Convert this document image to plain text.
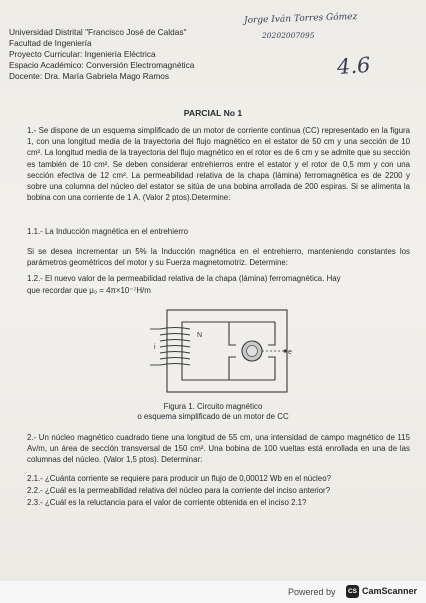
Universidad Distrital "Francisco José de Caldas"
Facultad de Ingeniería
Proyecto Curricular: Ingeniería Eléctrica
Espacio Académico: Conversión Electromagnética
Docente: Dra. María Gabriela Mago Ramos
Jorge Iván Torres Gómez
20202007095
4.6
PARCIAL No 1

1.- Se dispone de un esquema simplificado de un motor de corriente continua (CC) representado en la figura 1, con una longitud media de la trayectoria del flujo magnético en el estator de 50 cm y una sección de 10 cm². La longitud media de la trayectoria del flujo magnético en el rotor es de 6 cm y se admite que su sección es también de 10 cm². Se deben considerar entrehierros entre el estator y el rotor de 0,5 mm y con una sección efectiva de 12 cm². La permeabilidad relativa de la chapa (lámina) ferromagnética es de 2200 y sobre una columna del núcleo del estator se sitúa de una bobina arrollada de 200 espiras. Si se alimenta la bobina con una corriente de 1 A. (Valor 2 ptos).Determine:

1.1.- La Inducción magnética en el entrehierro

Si se desea incrementar un 5% la Inducción magnética en el entrehierro, manteniendo constantes los parámetros geométricos del motor y su Fuerza magnetomotriz. Determine:

1.2.- El nuevo valor de la permeabilidad relativa de la chapa (lámina) ferromagnética. Hay
que recordar que μ₀ = 4π×10⁻⁷H/m
i
N
e
Figura 1. Circuito magnético
o esquema simplificado de un motor de CC

2.- Un núcleo magnético cuadrado tiene una longitud de 55 cm, una intensidad de campo magnético de 115 Av/m, un área de sección transversal de 150 cm². Una bobina de 100 vueltas está enrollada en una de las columnas del núcleo. (Valor 1,5 ptos). Determinar:

2.1.- ¿Cuánta corriente se requiere para producir un flujo de 0,00012 Wb en el núcleo?
2.2.- ¿Cuál es la permeabilidad relativa del núcleo para la corriente del inciso anterior?
2.3.- ¿Cuál es la reluctancia para el valor de corriente obtenida en el inciso 2.1?
Powered by	CS CamScanner
